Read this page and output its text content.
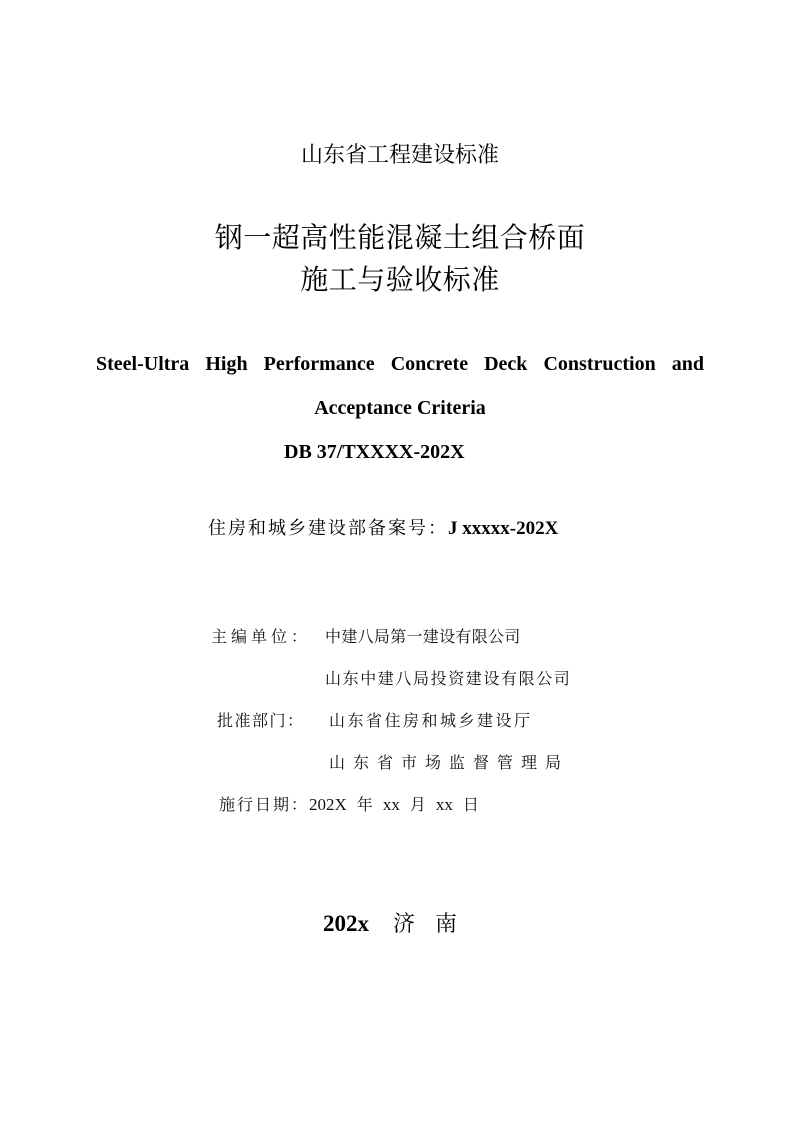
山东省工程建设标准
钢一超高性能混凝土组合桥面
施工与验收标准
Steel-Ultra High Performance Concrete Deck Construction and
Acceptance Criteria
DB 37/TXXXX-202X
住房和城乡建设部备案号：J xxxxx-202X
主编单位： 中建八局第一建设有限公司
山东中建八局投资建设有限公司
批准部门： 山东省住房和城乡建设厅
山东省市场监督管理局
施行日期：202X 年 xx 月 xx 日
202x 济南
